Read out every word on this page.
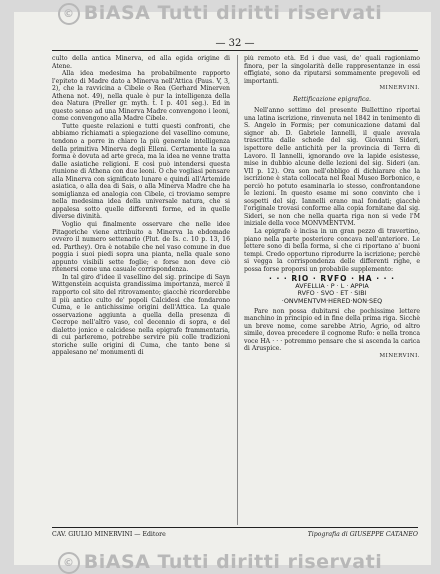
© BiASA Tutti diritti riservati
— 32 —

culto della antica Minerva, ed alla egida origine di Atene.

Alla idea medesima ha probabilmente rapporto l'epiteto di Madre dato a Minerva nell'Attica (Paus. V, 3, 2), che la ravvicina a Cibele o Rea (Gerhard Minerven Athena not. 49), nella quale è pur la intelligenza della dea Natura (Preller gr. myth. t. I p. 401 seg.). Ed in questo senso ad una Minerva Madre convengono i leoni, come convengono alla Madre Cibele.

Tutte queste relazioni e tutti questi confronti, che abbiamo richiamati a spiegazione del vasellino comune, tendono a porre in chiaro la più generale intelligenza della primitiva Minerva degli Elleni. Certamente la sua forma è dovuta ad arte greca, ma la idea ne venne tratta dalle asiatiche religioni. E così può intendersi questa riunione di Athena con due leoni. O che vogliasi pensare alla Minerva con significato lunare e quindi all'Artemide asiatica, o alla dea di Sais, o alla Minerva Madre che ha somiglianza ed analogia con Cibele, ci troviamo sempre nella medesima idea della universale natura, che si appalesa sotto quelle differenti forme, ed in quelle diverse divinità.

Voglio qui finalmente osservare che nelle idee Pitagoriche viene attribuito a Minerva la ebdomade ovvero il numero settenario (Plut. de Is. c. 10 p. 13, 16 ed. Parthey). Ora è notabile che nel vaso comune in due poggia i suoi piedi sopra una pianta, nella quale sono appunto visibili sette foglie; e forse non deve ciò ritenersi come una casuale corrispondenza.

In tal giro d'idee il vasellino del sig. principe di Sayn Wittgenstein acquista grandissima importanza, mercè il rapporto col sito del ritrovamento; giacchè ricorderebbe il più antico culto de' popoli Calcidesi che fondarono Cuma, e le antichissime origini dell'Attica. La quale osservazione aggiunta a quella della presenza di Cecrope nell'altro vaso, col decennio di sopra, e del dialetto jonico e calcidese nella epigrafe frammentaria, di cui parleremo, potrebbe servire più colle tradizioni storiche sulle origini di Cuma, che tanto bene si appalesano ne' monumenti di

più remoto età. Ed i due vasi, de' quali ragioniamo finora, per la singolarità delle rappresentanze in essi effigiate, sono da riputarsi sommamente pregevoli ed importanti.

MINERVINI.

Rettificazione epigrafica.

Nell'anno settimo del presente Bullettino riportai una latina iscrizione, rinvenuta nel 1842 in tenimento di S. Angelo in Formis; per comunicazione datami dal signor ab. D. Gabriele Iannelli, il quale avevala trascritta dalle schede del sig. Giovanni Sideri, ispettore delle antichità per la provincia di Terra di Lavoro. Il Iannelli, ignorando ove la lapide esistesse, mise in dubbio alcune delle lezioni del sig. Sideri (an. VII p. 12). Ora son nell'obbligo di dichiarare che la iscrizione è stata collocata nel Real Museo Borbonico, e perciò ho potuto esaminarla io stesso, confrontandone le lezioni. In questo esame mi sono convinto che i sospetti del sig. Iannelli erano mal fondati; giacchè l'originale trovasi conforme alla copia fornitane dal sig. Sideri, se non che nella quarta riga non si vede l'M iniziale della voce MONVMENTVM.

La epigrafe è incisa in un gran pezzo di travertino, piano nella parte posteriore concava nell'anteriore. Le lettere sono di bella forma, sì che ci riportano a' buoni tempi. Credo opportuno riprodurre la iscrizione; perchè si vegga la corrispondenza delle differenti righe, e possa forse proporsi un probabile supplemento:

· · · RIO · RVFO · HA · · ·
AVFELLIA · P · L · APPIA
RVFO · SVO · ET · SIBI
·ONVMENTVM·HERED·NON·SEQ

Pare non possa dubitarsi che pochissime lettere manchino in principio ed in fine della prima riga. Sicchè un breve nome, come sarebbe Atrio, Agrio, od altro simile, dovea precedere il cognome Rufo: e nella tronca voce HA · · · potremmo pensare che si ascenda la carica di Aruspice.

MINERVINI.

CAV. GIULIO MINERVINI — Editore	Tipografia di GIUSEPPE CATANEO
© BiASA Tutti diritti riservati
